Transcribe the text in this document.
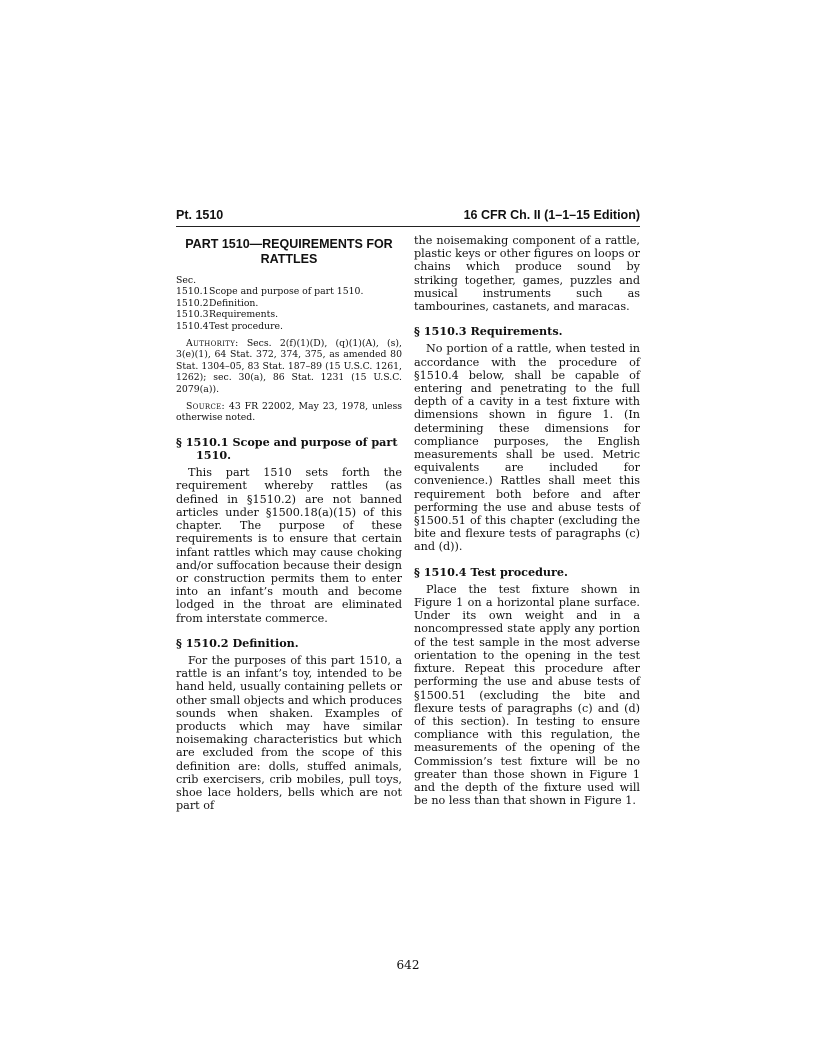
Pt. 1510	16 CFR Ch. II (1–1–15 Edition)
PART 1510—REQUIREMENTS FOR
RATTLES
Sec.
1510.1Scope and purpose of part 1510.
1510.2Definition.
1510.3Requirements.
1510.4Test procedure.

Authority: Secs. 2(f)(1)(D), (q)(1)(A), (s), 3(e)(1), 64 Stat. 372, 374, 375, as amended 80 Stat. 1304–05, 83 Stat. 187–89 (15 U.S.C. 1261, 1262); sec. 30(a), 86 Stat. 1231 (15 U.S.C. 2079(a)).

Source: 43 FR 22002, May 23, 1978, unless otherwise noted.

§ 1510.1 Scope and purpose of part 1510.

This part 1510 sets forth the requirement whereby rattles (as defined in §1510.2) are not banned articles under §1500.18(a)(15) of this chapter. The purpose of these requirements is to ensure that certain infant rattles which may cause choking and/or suffocation because their design or construction permits them to enter into an infant’s mouth and become lodged in the throat are eliminated from interstate commerce.

§ 1510.2 Definition.

For the purposes of this part 1510, a rattle is an infant’s toy, intended to be hand held, usually containing pellets or other small objects and which produces sounds when shaken. Examples of products which may have similar noisemaking characteristics but which are excluded from the scope of this definition are: dolls, stuffed animals, crib exercisers, crib mobiles, pull toys, shoe lace holders, bells which are not part of

the noisemaking component of a rattle, plastic keys or other figures on loops or chains which produce sound by striking together, games, puzzles and musical instruments such as tambourines, castanets, and maracas.

§ 1510.3 Requirements.

No portion of a rattle, when tested in accordance with the procedure of §1510.4 below, shall be capable of entering and penetrating to the full depth of a cavity in a test fixture with dimensions shown in figure 1. (In determining these dimensions for compliance purposes, the English measurements shall be used. Metric equivalents are included for convenience.) Rattles shall meet this requirement both before and after performing the use and abuse tests of §1500.51 of this chapter (excluding the bite and flexure tests of paragraphs (c) and (d)).

§ 1510.4 Test procedure.

Place the test fixture shown in Figure 1 on a horizontal plane surface. Under its own weight and in a noncompressed state apply any portion of the test sample in the most adverse orientation to the opening in the test fixture. Repeat this procedure after performing the use and abuse tests of §1500.51 (excluding the bite and flexure tests of paragraphs (c) and (d) of this section). In testing to ensure compliance with this regulation, the measurements of the opening of the Commission’s test fixture will be no greater than those shown in Figure 1 and the depth of the fixture used will be no less than that shown in Figure 1.

642
